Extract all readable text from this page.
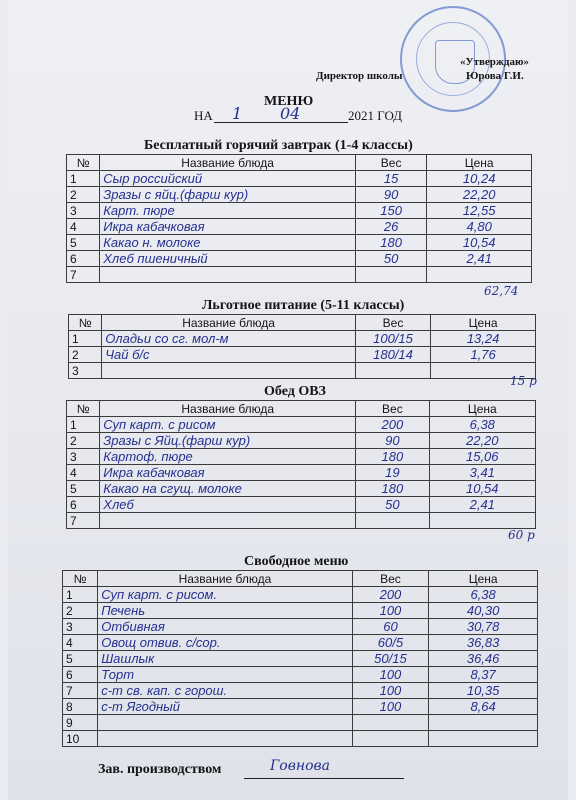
«Утверждаю»
Директор школы	Юрова Г.И.
МЕНЮ
НА 1 04	2021 ГОД
Бесплатный горячий завтрак (1-4 классы)
№	Название блюда	Вес	Цена
1	Сыр российский	15	10,24
2	Зразы с яйц.(фарш кур)	90	22,20
3	Карт. пюре	150	12,55
4	Икра кабачковая	26	4,80
5	Какао н. молоке	180	10,54
6	Хлеб пшеничный	50	2,41
7			
62,74
Льготное питание (5-11 классы)
№	Название блюда	Вес	Цена
1	Оладьи со сг. мол-м	100/15	13,24
2	Чай б/с	180/14	1,76
3			
15 р
Обед ОВЗ
№	Название блюда	Вес	Цена
1	Суп карт. с рисом	200	6,38
2	Зразы с Яйц.(фарш кур)	90	22,20
3	Картоф. пюре	180	15,06
4	Икра кабачковая	19	3,41
5	Какао на сгущ. молоке	180	10,54
6	Хлеб	50	2,41
7			
60 р
Свободное меню
№	Название блюда	Вес	Цена
1	Суп карт. с рисом.	200	6,38
2	Печень	100	40,30
3	Отбивная	60	30,78
4	Овощ отвив. с/сор.	60/5	36,83
5	Шашлык	50/15	36,46
6	Торт	100	8,37
7	с-т св. кап. с горош.	100	10,35
8	с-т Ягодный	100	8,64
9			
10			
Зав. производством	Говнова
